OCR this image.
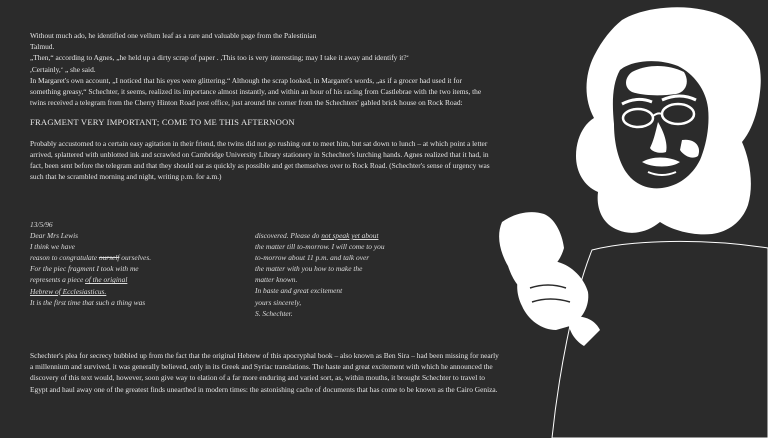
Without much ado, he identified one vellum leaf as a rare and valuable page from the Palestinian

Talmud.

„Then,“ according to Agnes, „he held up a dirty scrap of paper . ,This too is very interesting; may I take it away and identify it?‘

,Certainly,‘ „ she said.

In Margaret's own account, „I noticed that his eyes were glittering.“ Although the scrap looked, in Margaret's words, „as if a grocer had used it for something greasy,“ Schechter, it seems, realized its importance almost instantly, and within an hour of his racing from Castlebrae with the two items, the twins received a telegram from the Cherry Hinton Road post office, just around the corner from the Schechters' gabled brick house on Rock Road:

FRAGMENT VERY IMPORTANT; COME TO ME THIS AFTERNOON

Probably accustomed to a certain easy agitation in their friend, the twins did not go rushing out to meet him, but sat down to lunch – at which point a letter arrived, splattered with unblotted ink and scrawled on Cambridge University Library stationery in Schechter's lurching hands. Agnes realized that it had, in fact, been sent before the telegram and that they should eat as quickly as possible and get themselves over to Rock Road. (Schechter's sense of urgency was such that he scrambled morning and night, writing p.m. for a.m.)

13/5/96
Dear Mrs Lewis
I think we have
reason to congratulate ourself ourselves.
For the piec fragment I took with me
represents a piece of the original
Hebrew of Ecclesiasticus.
It is the first time that such a thing was
discovered. Please do not speak yet about
the matter till to-morrow. I will come to you
to-morrow about 11 p.m. and talk over
the matter with you how to make the
matter known.
In baste and great excitement
yours sincerely,
S. Schechter.

Schechter's plea for secrecy bubbled up from the fact that the original Hebrew of this apocryphal book – also known as Ben Sira – had been missing for nearly a millennium and survived, it was generally believed, only in its Greek and Syriac translations. The haste and great excitement with which he announced the discovery of this text would, however, soon give way to elation of a far more enduring and varied sort, as, within mouths, it brought Schechter to travel to Egypt and haul away one of the greatest finds unearthed in modern times: the astonishing cache of documents that has come to be known as the Cairo Geniza.
